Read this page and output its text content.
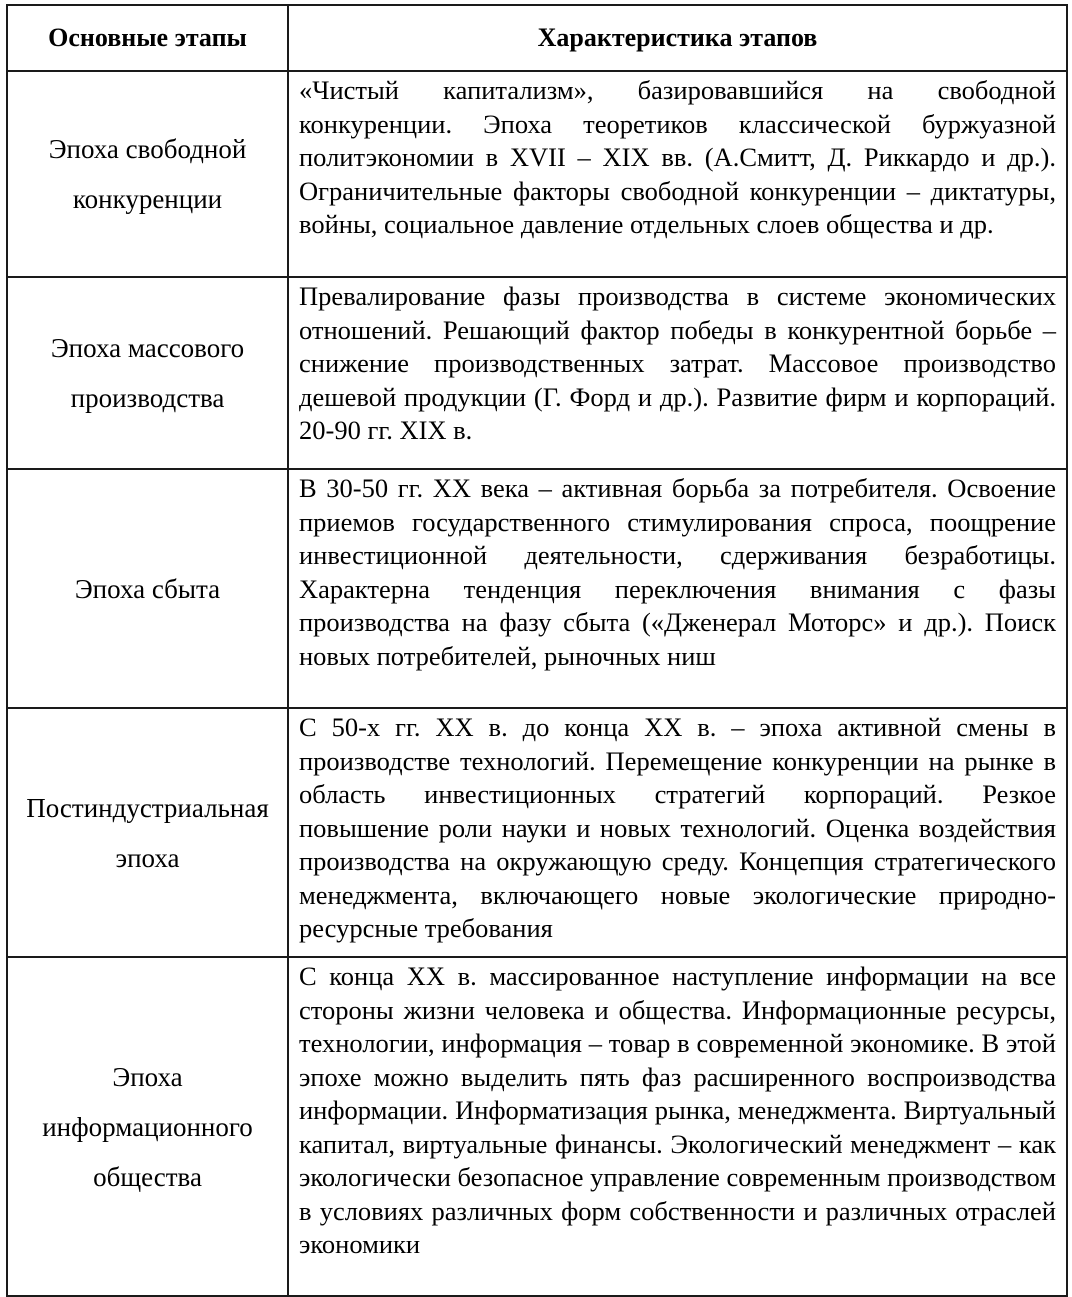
Основные этапы	Характеристика этапов
Эпоха свободной конкуренции	«Чистый капитализм», базировавшийся на свободной конкуренции. Эпоха теоретиков классической буржуазной политэкономии в XVII – XIX вв. (А.Смитт, Д. Риккардо и др.). Ограничительные факторы свободной конкуренции – диктатуры, войны, социальное давление отдельных слоев общества и др.
Эпоха массового производства	Превалирование фазы производства в системе экономических отношений. Решающий фактор победы в конкурентной борьбе – снижение производственных затрат. Массовое производство дешевой продукции (Г. Форд и др.). Развитие фирм и корпораций. 20-90 гг. XIX в.
Эпоха сбыта	В 30-50 гг. XX века – активная борьба за потребителя. Освоение приемов государственного стимулирования спроса, поощрение инвестиционной деятельности, сдерживания безработицы. Характерна тенденция переключения внимания с фазы производства на фазу сбыта («Дженерал Моторс» и др.). Поиск новых потребителей, рыночных ниш
Постиндустриальная эпоха	С 50-х гг. XX в. до конца XX в. – эпоха активной смены в производстве технологий. Перемещение конкуренции на рынке в область инвестиционных стратегий корпораций. Резкое повышение роли науки и новых технологий. Оценка воздействия производства на окружающую среду. Концепция стратегического менеджмента, включающего новые экологические природно-ресурсные требования
Эпоха информационного общества	С конца XX в. массированное наступление информации на все стороны жизни человека и общества. Информационные ресурсы, технологии, информация – товар в современной экономике. В этой эпохе можно выделить пять фаз расширенного воспроизводства информации. Информатизация рынка, менеджмента. Виртуальный капитал, виртуальные финансы. Экологический менеджмент – как экологически безопасное управление современным производством в условиях различных форм собственности и различных отраслей экономики
